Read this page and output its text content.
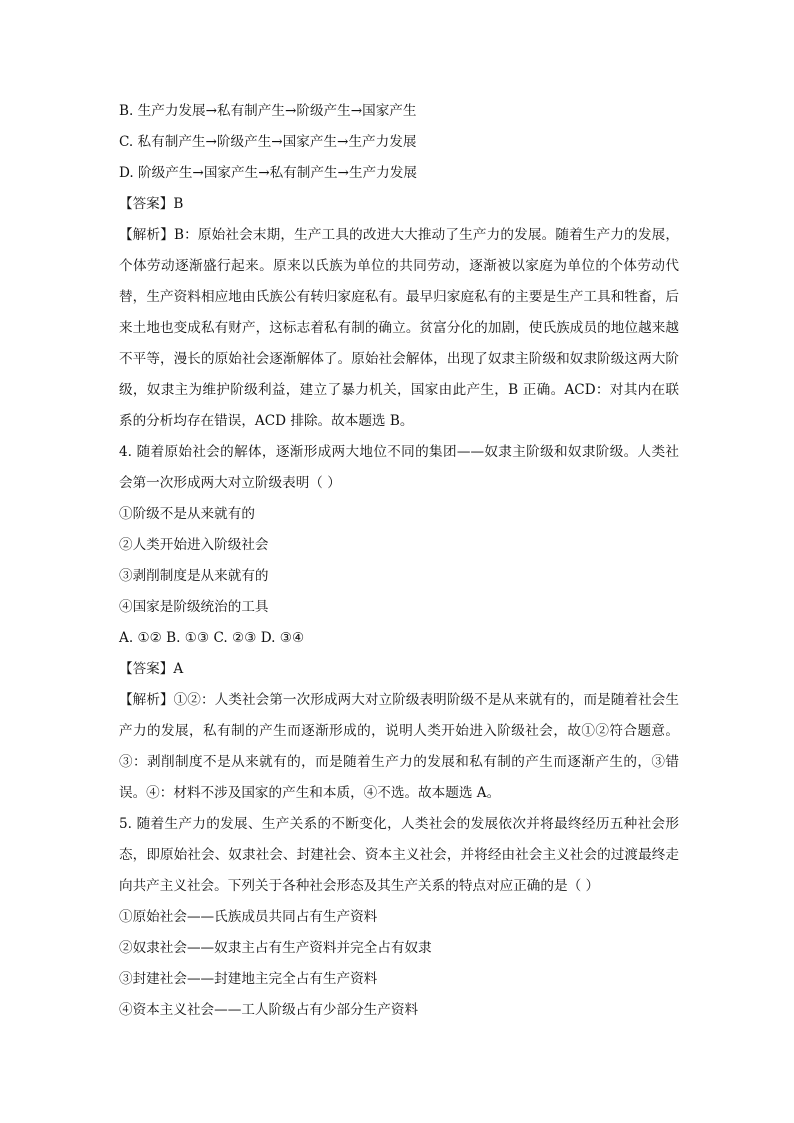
B. 生产力发展→私有制产生→阶级产生→国家产生
C. 私有制产生→阶级产生→国家产生→生产力发展
D. 阶级产生→国家产生→私有制产生→生产力发展
【答案】B
【解析】B：原始社会末期，生产工具的改进大大推动了生产力的发展。随着生产力的发展，个体劳动逐渐盛行起来。原来以氏族为单位的共同劳动，逐渐被以家庭为单位的个体劳动代替，生产资料相应地由氏族公有转归家庭私有。最早归家庭私有的主要是生产工具和牲畜，后来土地也变成私有财产，这标志着私有制的确立。贫富分化的加剧，使氏族成员的地位越来越不平等，漫长的原始社会逐渐解体了。原始社会解体，出现了奴隶主阶级和奴隶阶级这两大阶级，奴隶主为维护阶级利益，建立了暴力机关，国家由此产生，B 正确。ACD：对其内在联系的分析均存在错误，ACD 排除。故本题选 B。
4. 随着原始社会的解体，逐渐形成两大地位不同的集团——奴隶主阶级和奴隶阶级。人类社会第一次形成两大对立阶级表明（ ）
①阶级不是从来就有的
②人类开始进入阶级社会
③剥削制度是从来就有的
④国家是阶级统治的工具
A. ①② B. ①③ C. ②③ D. ③④
【答案】A
【解析】①②：人类社会第一次形成两大对立阶级表明阶级不是从来就有的，而是随着社会生产力的发展，私有制的产生而逐渐形成的，说明人类开始进入阶级社会，故①②符合题意。③：剥削制度不是从来就有的，而是随着生产力的发展和私有制的产生而逐渐产生的，③错误。④：材料不涉及国家的产生和本质，④不选。故本题选 A。
5. 随着生产力的发展、生产关系的不断变化，人类社会的发展依次并将最终经历五种社会形态，即原始社会、奴隶社会、封建社会、资本主义社会，并将经由社会主义社会的过渡最终走向共产主义社会。下列关于各种社会形态及其生产关系的特点对应正确的是（ ）
①原始社会——氏族成员共同占有生产资料
②奴隶社会——奴隶主占有生产资料并完全占有奴隶
③封建社会——封建地主完全占有生产资料
④资本主义社会——工人阶级占有少部分生产资料
